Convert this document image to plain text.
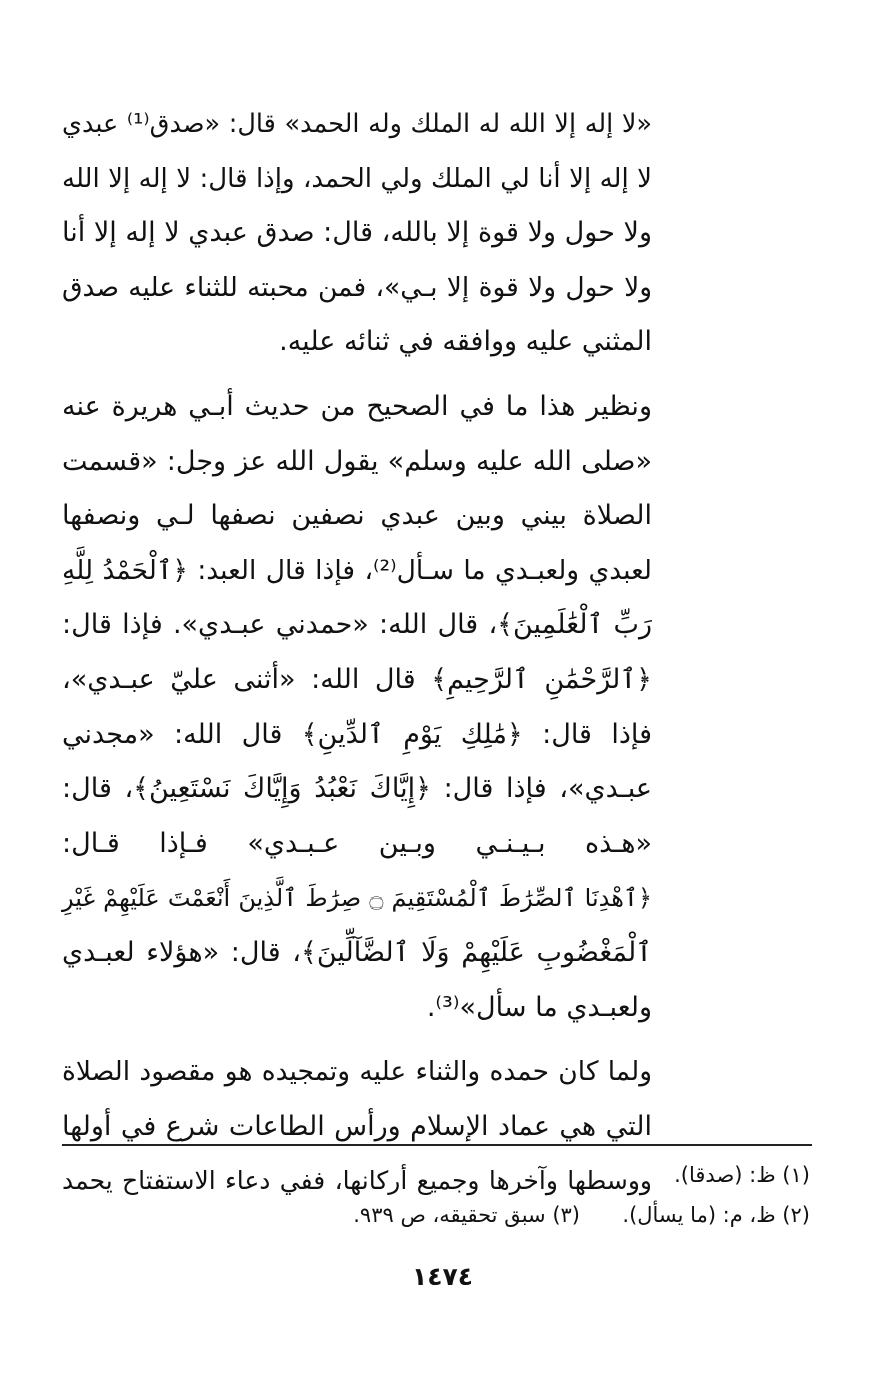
«لا إله إلا الله له الملك وله الحمد» قال: «صدق⁽¹⁾ عبدي
لا إله إلا أنا لي الملك ولي الحمد، وإذا قال: لا إله إلا الله
ولا حول ولا قوة إلا بالله، قال: صدق عبدي لا إله إلا أنا
ولا حول ولا قوة إلا بـي»، فمن محبته للثناء عليه صدق
المثني عليه ووافقه في ثنائه عليه.
ونظير هذا ما في الصحيح من حديث أبـي هريرة عنه
«صلى الله عليه وسلم» يقول الله عز وجل: «قسمت
الصلاة بيني وبين عبدي نصفين نصفها لـي ونصفها
لعبدي ولعبـدي ما سـأل⁽²⁾، فإذا قال العبد: ﴿ٱلْحَمْدُ لِلَّهِ
رَبِّ ٱلْعَٰلَمِينَ﴾، قال الله: «حمدني عبـدي». فإذا قال:
﴿ٱلرَّحْمَٰنِ ٱلرَّحِيمِ﴾ قال الله: «أثنى عليّ عبـدي»،
فإذا قال: ﴿مَٰلِكِ يَوْمِ ٱلدِّينِ﴾ قال الله: «مجدني
عبـدي»، فإذا قال: ﴿إِيَّاكَ نَعْبُدُ وَإِيَّاكَ نَسْتَعِينُ﴾، قال:
«هـذه بـيـنـي وبـين عـبـدي» فـإذا قـال:
﴿ٱهْدِنَا ٱلصِّرَٰطَ ٱلْمُسْتَقِيمَ ۝ صِرَٰطَ ٱلَّذِينَ أَنْعَمْتَ عَلَيْهِمْ غَيْرِ
ٱلْمَغْضُوبِ عَلَيْهِمْ وَلَا ٱلضَّآلِّينَ﴾، قال: «هؤلاء لعبـدي
ولعبـدي ما سأل»⁽³⁾.
ولما كان حمده والثناء عليه وتمجيده هو مقصود الصلاة
التي هي عماد الإسلام ورأس الطاعات شرع في أولها
ووسطها وآخرها وجميع أركانها، ففي دعاء الاستفتاح يحمد	(١) ظ: (صدقا).
(٢) ظ، م: (ما يسأل).
(٣) سبق تحقيقه، ص ٩٣٩.
١٤٧٤
